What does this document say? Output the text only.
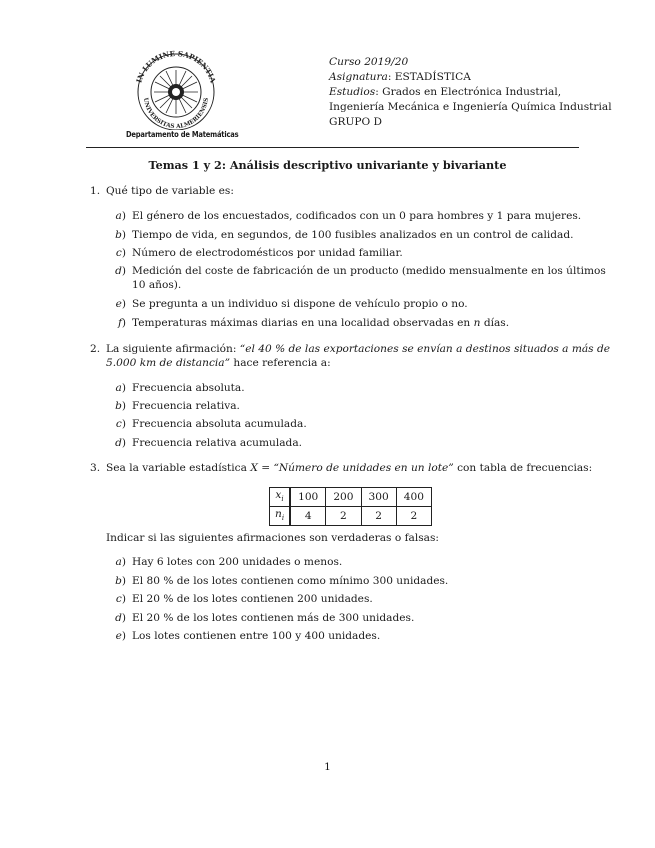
IN LUMINE SAPIENTIA
UNIVERSITAS ALMERIENSIS
Departamento de Matemáticas
Curso 2019/20
Asignatura: ESTADÍSTICA
Estudios: Grados en Electrónica Industrial,
Ingeniería Mecánica e Ingeniería Química Industrial
GRUPO D
Temas 1 y 2: Análisis descriptivo univariante y bivariante
1. Qué tipo de variable es:
a) El género de los encuestados, codificados con un 0 para hombres y 1 para mujeres.
b) Tiempo de vida, en segundos, de 100 fusibles analizados en un control de calidad.
c) Número de electrodomésticos por unidad familiar.
d) Medición del coste de fabricación de un producto (medido mensualmente en los últimos
10 años).
e) Se pregunta a un individuo si dispone de vehículo propio o no.
f) Temperaturas máximas diarias en una localidad observadas en n días.
2. La siguiente afirmación: “el 40 % de las exportaciones se envían a destinos situados a más de
5.000 km de distancia” hace referencia a:
a) Frecuencia absoluta.
b) Frecuencia relativa.
c) Frecuencia absoluta acumulada.
d) Frecuencia relativa acumulada.
3. Sea la variable estadística X = “Número de unidades en un lote” con tabla de frecuencias:
$x_i$	100	200	300	400
$n_i$	4	2	2	2
Indicar si las siguientes afirmaciones son verdaderas o falsas:
a) Hay 6 lotes con 200 unidades o menos.
b) El 80 % de los lotes contienen como mínimo 300 unidades.
c) El 20 % de los lotes contienen 200 unidades.
d) El 20 % de los lotes contienen más de 300 unidades.
e) Los lotes contienen entre 100 y 400 unidades.
1
